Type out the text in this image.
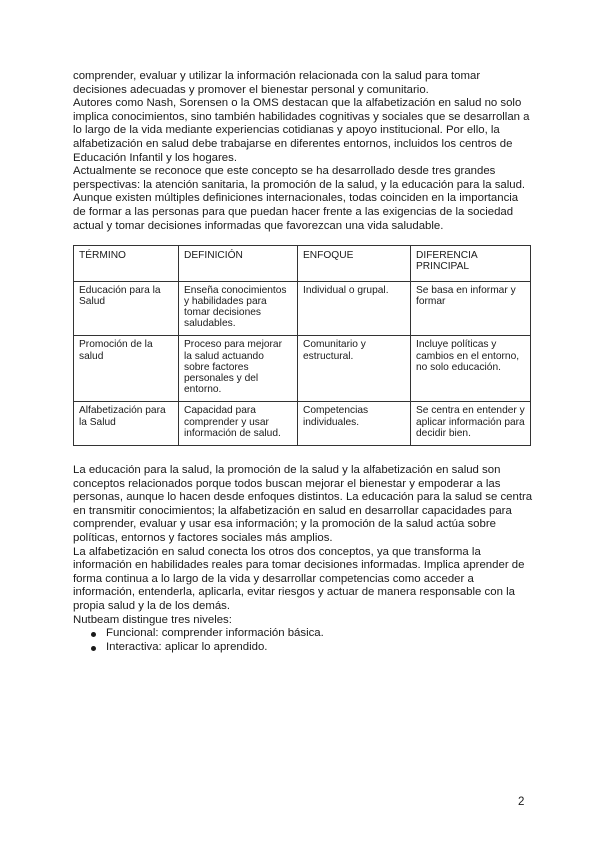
comprender, evaluar y utilizar la información relacionada con la salud para tomar decisiones adecuadas y promover el bienestar personal y comunitario.

Autores como Nash, Sorensen o la OMS destacan que la alfabetización en salud no solo implica conocimientos, sino también habilidades cognitivas y sociales que se desarrollan a lo largo de la vida mediante experiencias cotidianas y apoyo institucional. Por ello, la alfabetización en salud debe trabajarse en diferentes entornos, incluidos los centros de Educación Infantil y los hogares.

Actualmente se reconoce que este concepto se ha desarrollado desde tres grandes perspectivas: la atención sanitaria, la promoción de la salud, y la educación para la salud.

Aunque existen múltiples definiciones internacionales, todas coinciden en la importancia de formar a las personas para que puedan hacer frente a las exigencias de la sociedad actual y tomar decisiones informadas que favorezcan una vida saludable.

TÉRMINO	DEFINICIÓN	ENFOQUE	DIFERENCIA PRINCIPAL
Educación para la Salud	Enseña conocimientos y habilidades para tomar decisiones saludables.	Individual o grupal.	Se basa en informar y formar
Promoción de la salud	Proceso para mejorar la salud actuando sobre factores personales y del entorno.	Comunitario y estructural.	Incluye políticas y cambios en el entorno, no solo educación.
Alfabetización para la Salud	Capacidad para comprender y usar información de salud.	Competencias individuales.	Se centra en entender y aplicar información para decidir bien.

La educación para la salud, la promoción de la salud y la alfabetización en salud son conceptos relacionados porque todos buscan mejorar el bienestar y empoderar a las personas, aunque lo hacen desde enfoques distintos. La educación para la salud se centra en transmitir conocimientos; la alfabetización en salud en desarrollar capacidades para comprender, evaluar y usar esa información; y la promoción de la salud actúa sobre políticas, entornos y factores sociales más amplios.

La alfabetización en salud conecta los otros dos conceptos, ya que transforma la información en habilidades reales para tomar decisiones informadas. Implica aprender de forma continua a lo largo de la vida y desarrollar competencias como acceder a información, entenderla, aplicarla, evitar riesgos y actuar de manera responsable con la propia salud y la de los demás.

Nutbeam distingue tres niveles:

Funcional: comprender información básica.
Interactiva: aplicar lo aprendido.
2
